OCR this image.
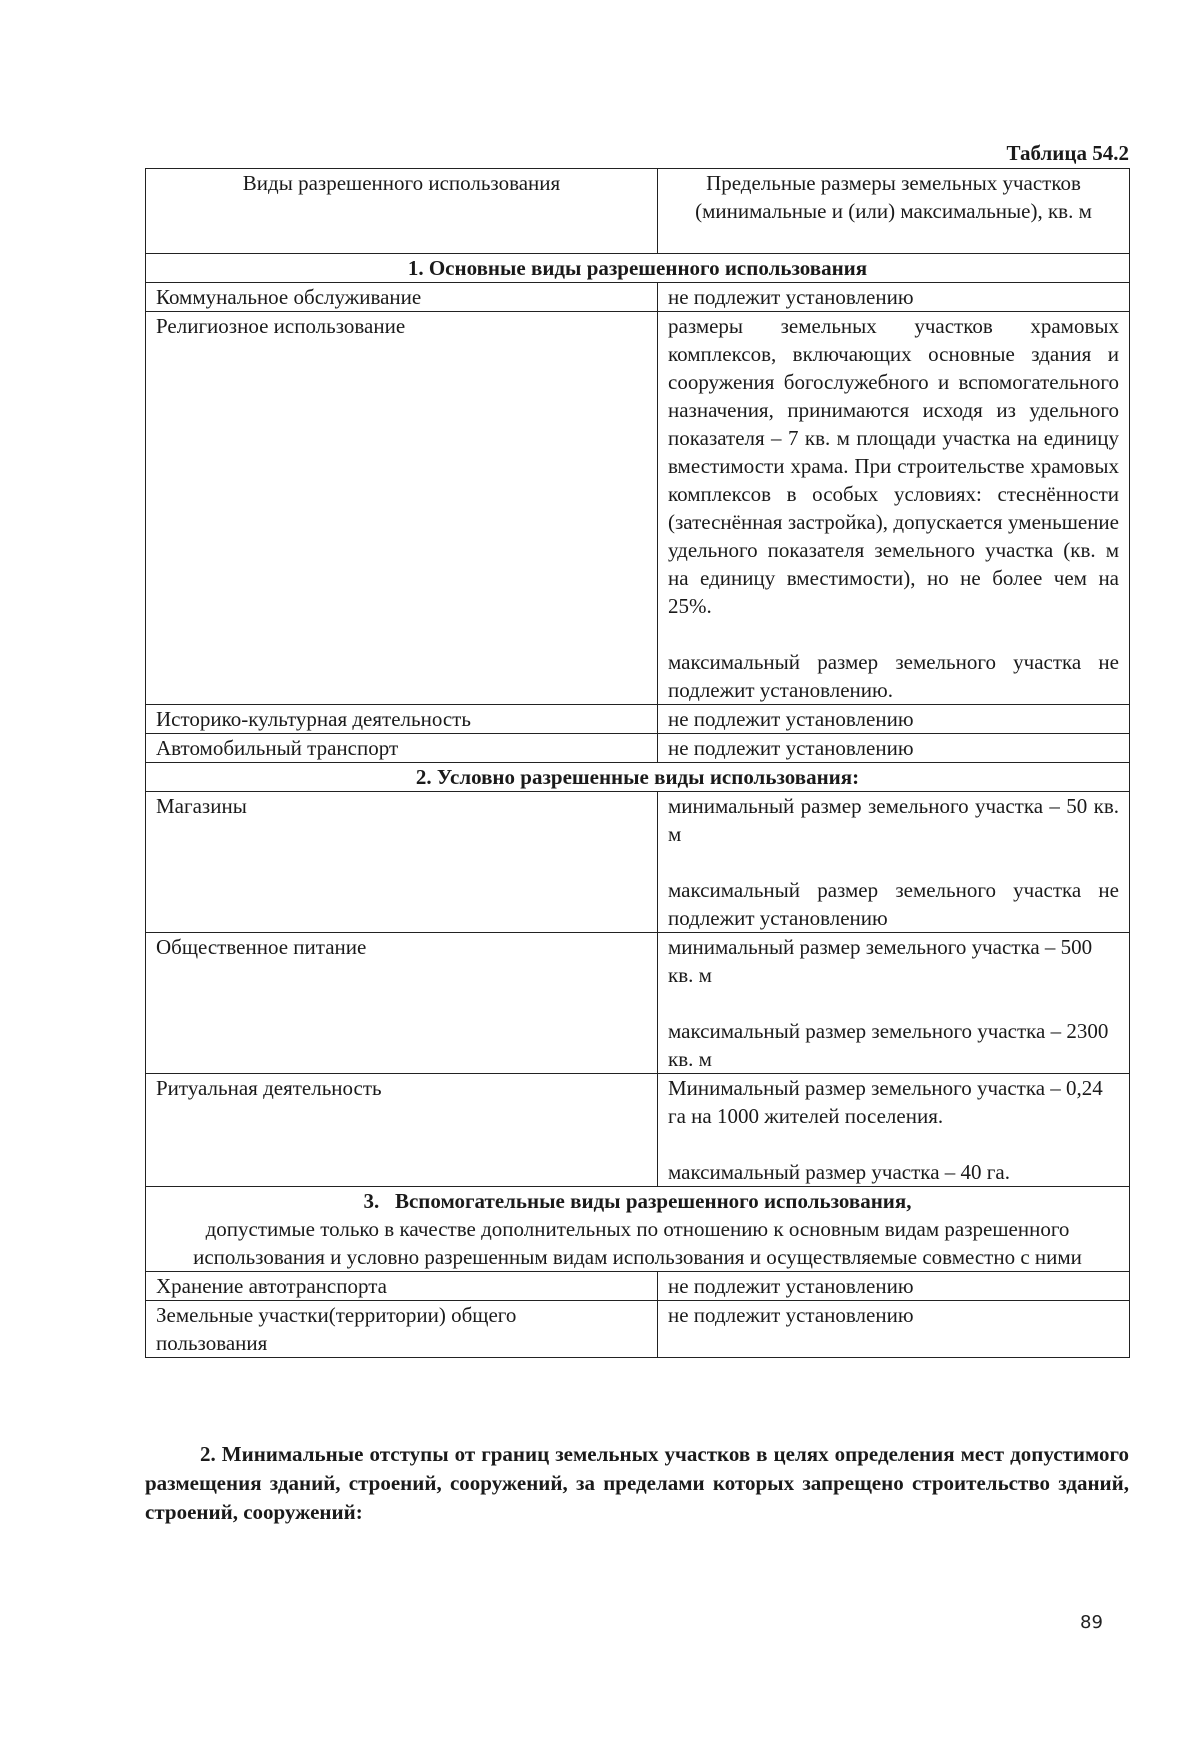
Таблица 54.2
Виды разрешенного использования	Предельные размеры земельных участков (минимальные и (или) максимальные), кв. м
1. Основные виды разрешенного использования	
Коммунальное обслуживание	не подлежит установлению
Религиозное использование	размеры земельных участков храмовых комплексов, включающих основные здания и сооружения богослужебного и вспомогательного назначения, принимаются исходя из удельного показателя – 7 кв. м площади участка на единицу вместимости храма. При строительстве храмовых комплексов в особых условиях: стеснённости (затеснённая застройка), допускается уменьшение удельного показателя земельного участка (кв. м на единицу вместимости), но не более чем на 25%.
максимальный размер земельного участка не подлежит установлению.

Историко-культурная деятельность	не подлежит установлению
Автомобильный транспорт	не подлежит установлению
2. Условно разрешенные виды использования:	
Магазины	минимальный размер земельного участка – 50 кв. м
максимальный размер земельного участка не подлежит установлению

Общественное питание	минимальный размер земельного участка – 500 кв. м
максимальный размер земельного участка – 2300 кв. м

Ритуальная деятельность	Минимальный размер земельного участка – 0,24 га на 1000 жителей поселения.
максимальный размер участка – 40 га.

3.   Вспомогательные виды разрешенного использования,
допустимые только в качестве дополнительных по отношению к основным видам разрешенного использования и условно разрешенным видам использования и осуществляемые совместно с ними	

Хранение автотранспорта	не подлежит установлению
Земельные участки(территории) общего пользования	не подлежит установлению
2. Минимальные отступы от границ земельных участков в целях определения мест допустимого размещения зданий, строений, сооружений, за пределами которых запрещено строительство зданий, строений, сооружений:
89
